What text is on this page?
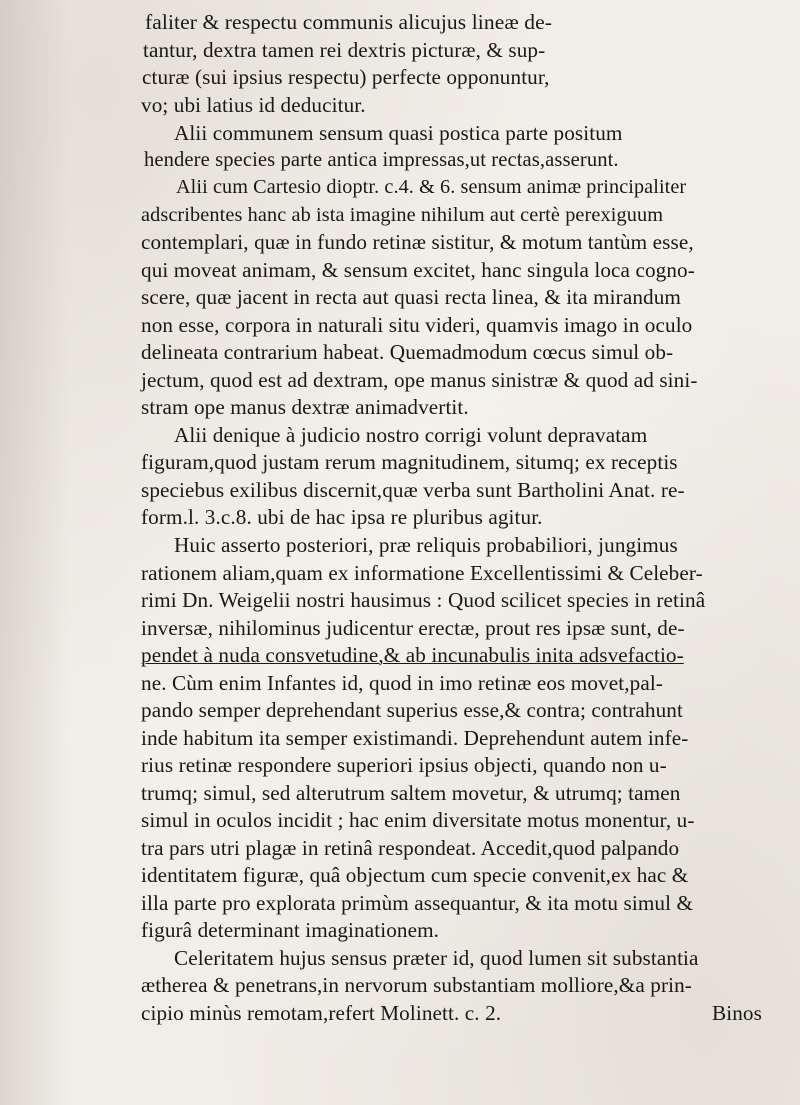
faliter & respectu communis alicujus lineæ de-
tantur, dextra tamen rei dextris picturæ, & sup-
cturæ (sui ipsius respectu) perfecte opponuntur,
vo; ubi latius id deducitur.
Alii communem sensum quasi postica parte positum
hendere species parte antica impressas,ut rectas,asserunt.
Alii cum Cartesio dioptr. c.4. & 6. sensum animæ principaliter
adscribentes hanc ab ista imagine nihilum aut certè perexiguum
contemplari, quæ in fundo retinæ sistitur, & motum tantùm esse,
qui moveat animam, & sensum excitet, hanc singula loca cogno-
scere, quæ jacent in recta aut quasi recta linea, & ita mirandum
non esse, corpora in naturali situ videri, quamvis imago in oculo
delineata contrarium habeat. Quemadmodum cœcus simul ob-
jectum, quod est ad dextram, ope manus sinistræ & quod ad sini-
stram ope manus dextræ animadvertit.
Alii denique à judicio nostro corrigi volunt depravatam
figuram,quod justam rerum magnitudinem, situmq; ex receptis
speciebus exilibus discernit,quæ verba sunt Bartholini Anat. re-
form.l. 3.c.8. ubi de hac ipsa re pluribus agitur.
Huic asserto posteriori, præ reliquis probabiliori, jungimus
rationem aliam,quam ex informatione Excellentissimi & Celeber-
rimi Dn. Weigelii nostri hausimus : Quod scilicet species in retinâ
inversæ, nihilominus judicentur erectæ, prout res ipsæ sunt, de-
pendet à nuda consvetudine,& ab incunabulis inita adsvefactio-
ne. Cùm enim Infantes id, quod in imo retinæ eos movet,pal-
pando semper deprehendant superius esse,& contra; contrahunt
inde habitum ita semper existimandi. Deprehendunt autem infe-
rius retinæ respondere superiori ipsius objecti, quando non u-
trumq; simul, sed alterutrum saltem movetur, & utrumq; tamen
simul in oculos incidit ; hac enim diversitate motus monentur, u-
tra pars utri plagæ in retinâ respondeat. Accedit,quod palpando
identitatem figuræ, quâ objectum cum specie convenit,ex hac &
illa parte pro explorata primùm assequantur, & ita motu simul &
figurâ determinant imaginationem.
Celeritatem hujus sensus præter id, quod lumen sit substantia
ætherea & penetrans,in nervorum substantiam molliore,&a prin-
cipio minùs remotam,refert Molinett. c. 2.	Binos
